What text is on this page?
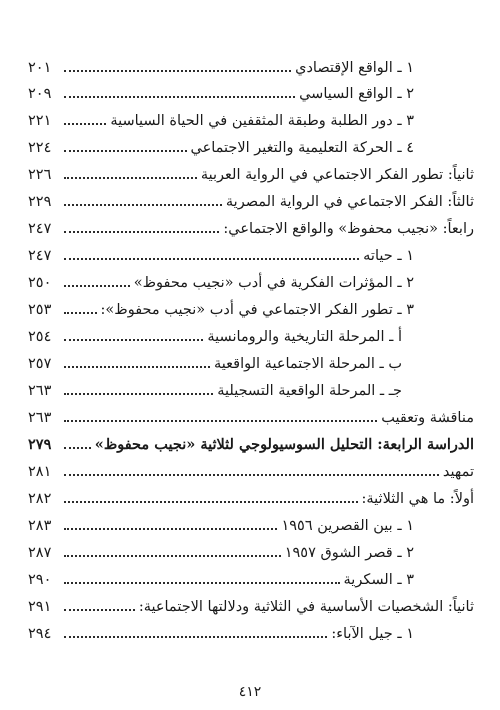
١ ـ الواقع الإقتصادي
٢٠١
٢ ـ الواقع السياسي
٢٠٩
٣ ـ دور الطلبة وطبقة المثقفين في الحياة السياسية
٢٢١
٤ ـ الحركة التعليمية والتغير الاجتماعي
٢٢٤
ثانياً: تطور الفكر الاجتماعي في الرواية العربية
٢٢٦
ثالثاً: الفكر الاجتماعي في الرواية المصرية
٢٢٩
رابعاً: «نجيب محفوظ» والواقع الاجتماعي:
٢٤٧
١ ـ حياته
٢٤٧
٢ ـ المؤثرات الفكرية في أدب «نجيب محفوظ»
٢٥٠
٣ ـ تطور الفكر الاجتماعي في أدب «نجيب محفوظ»:
٢٥٣
أ ـ المرحلة التاريخية والرومانسية
٢٥٤
ب ـ المرحلة الاجتماعية الواقعية
٢٥٧
جـ ـ المرحلة الواقعية التسجيلية
٢٦٣
مناقشة وتعقيب
٢٦٣
الدراسة الرابعة: التحليل السوسيولوجي لثلاثية «نجيب محفوظ»
٢٧٩
تمهيد
٢٨١
أولاً: ما هي الثلاثية:
٢٨٢
١ ـ بين القصرين ١٩٥٦
٢٨٣
٢ ـ قصر الشوق ١٩٥٧
٢٨٧
٣ ـ السكرية
٢٩٠
ثانياً: الشخصيات الأساسية في الثلاثية ودلالتها الاجتماعية:
٢٩١
١ ـ جيل الآباء:
٢٩٤
٤١٢
